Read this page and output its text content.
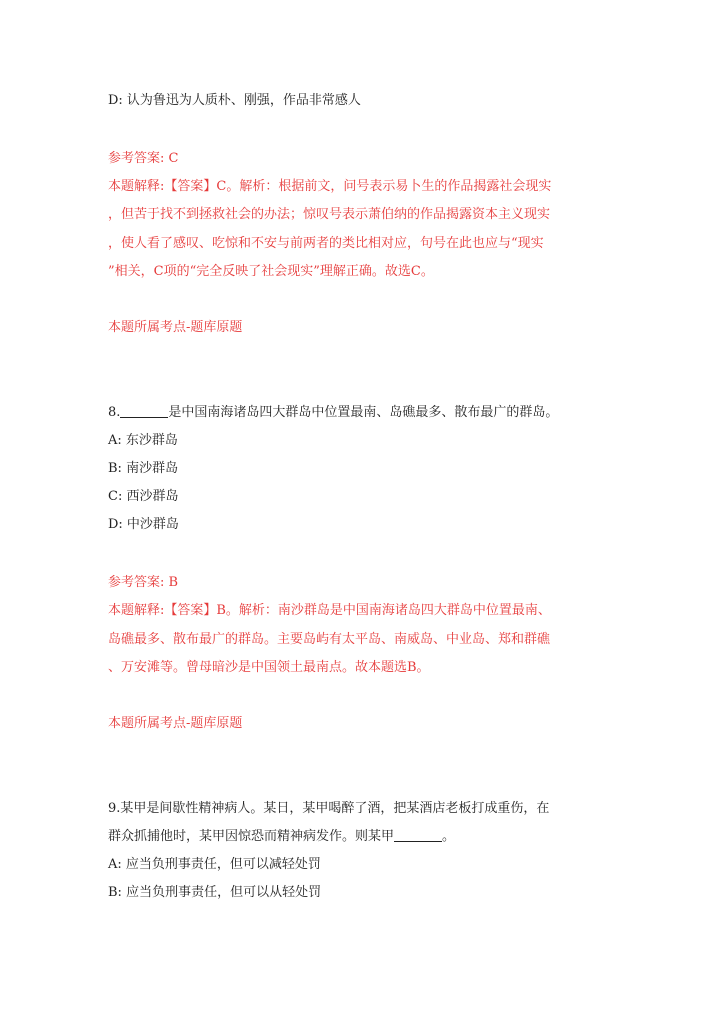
D: 认为鲁迅为人质朴、刚强，作品非常感人
参考答案: C
本题解释:【答案】C。解析：根据前文，问号表示易卜生的作品揭露社会现实
，但苦于找不到拯救社会的办法；惊叹号表示萧伯纳的作品揭露资本主义现实
，使人看了感叹、吃惊和不安与前两者的类比相对应，句号在此也应与“现实
”相关，C项的“完全反映了社会现实”理解正确。故选C。
本题所属考点-题库原题
8.	是中国南海诸岛四大群岛中位置最南、岛礁最多、散布最广的群岛。
A: 东沙群岛
B: 南沙群岛
C: 西沙群岛
D: 中沙群岛
参考答案: B
本题解释:【答案】B。解析：南沙群岛是中国南海诸岛四大群岛中位置最南、
岛礁最多、散布最广的群岛。主要岛屿有太平岛、南威岛、中业岛、郑和群礁
、万安滩等。曾母暗沙是中国领土最南点。故本题选B。
本题所属考点-题库原题
9.某甲是间歇性精神病人。某日，某甲喝醉了酒，把某酒店老板打成重伤，在
群众抓捕他时，某甲因惊恐而精神病发作。则某甲	。
A: 应当负刑事责任，但可以减轻处罚
B: 应当负刑事责任，但可以从轻处罚
